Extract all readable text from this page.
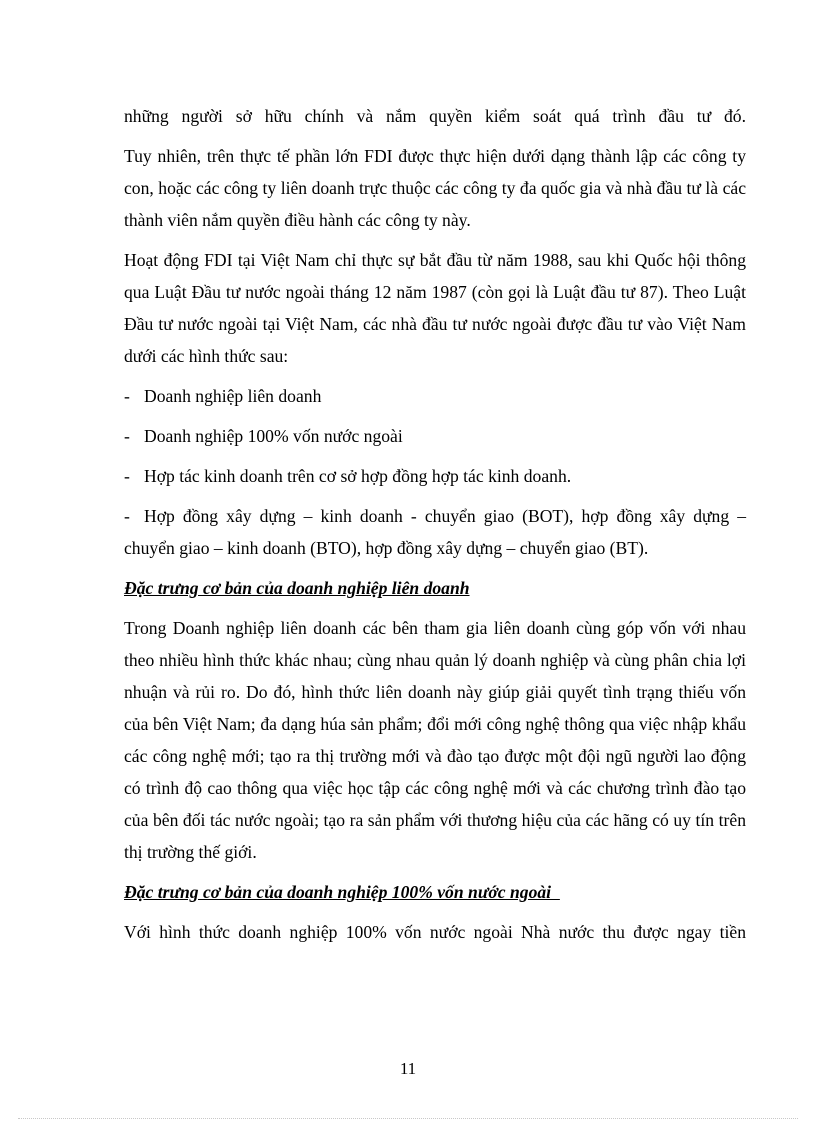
những người sở hữu chính và nắm quyền kiểm soát quá trình đầu tư đó.

Tuy nhiên, trên thực tế phần lớn FDI được thực hiện dưới dạng thành lập các công ty con, hoặc các công ty liên doanh trực thuộc các công ty đa quốc gia và nhà đầu tư là các thành viên nắm quyền điều hành các công ty này.

Hoạt động FDI tại Việt Nam chỉ thực sự bắt đầu từ năm 1988, sau khi Quốc hội thông qua Luật Đầu tư nước ngoài tháng 12 năm 1987 (còn gọi là Luật đầu tư 87). Theo Luật Đầu tư nước ngoài tại Việt Nam, các nhà đầu tư nước ngoài được đầu tư vào Việt Nam dưới các hình thức sau:

- Doanh nghiệp liên doanh
- Doanh nghiệp 100% vốn nước ngoài
- Hợp tác kinh doanh trên cơ sở hợp đồng hợp tác kinh doanh.
- Hợp đồng xây dựng – kinh doanh - chuyển giao (BOT), hợp đồng xây dựng – chuyển giao – kinh doanh (BTO), hợp đồng xây dựng – chuyển giao (BT).
Đặc trưng cơ bản của doanh nghiệp liên doanh

Trong Doanh nghiệp liên doanh các bên tham gia liên doanh cùng góp vốn với nhau theo nhiều hình thức khác nhau; cùng nhau quản lý doanh nghiệp và cùng phân chia lợi nhuận và rủi ro. Do đó, hình thức liên doanh này giúp giải quyết tình trạng thiếu vốn của bên Việt Nam; đa dạng húa sản phẩm; đổi mới công nghệ thông qua việc nhập khẩu các công nghệ mới; tạo ra thị trường mới và đào tạo được một đội ngũ người lao động có trình độ cao thông qua việc học tập các công nghệ mới và các chương trình đào tạo của bên đối tác nước ngoài; tạo ra sản phẩm với thương hiệu của các hãng có uy tín trên thị trường thế giới.

Đặc trưng cơ bản của doanh nghiệp 100% vốn nước ngoài

Với hình thức doanh nghiệp 100% vốn nước ngoài Nhà nước thu được ngay tiền

11
